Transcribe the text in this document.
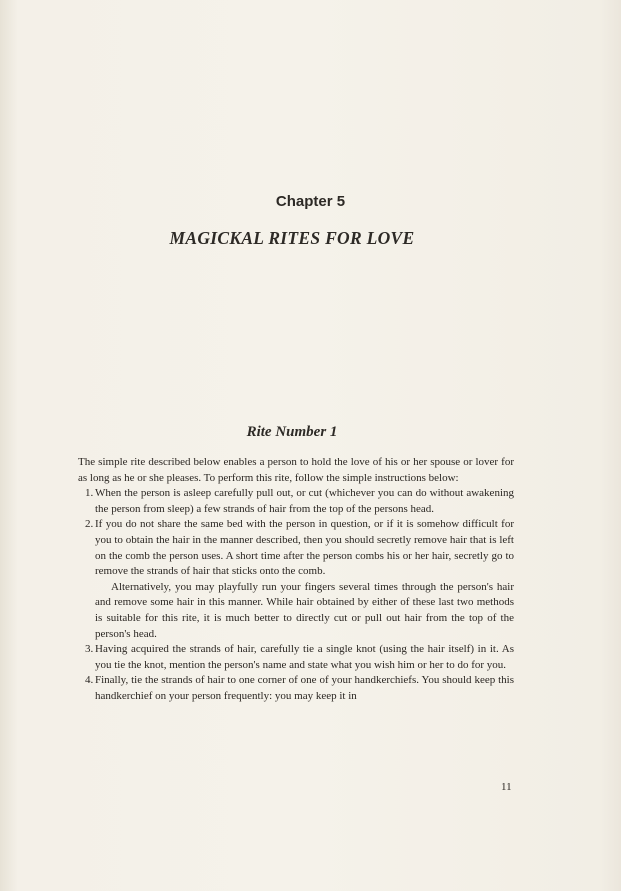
Chapter 5
MAGICKAL RITES FOR LOVE
Rite Number 1

The simple rite described below enables a person to hold the love of his or her spouse or lover for as long as he or she pleases. To perform this rite, follow the simple instructions below:

1. When the person is asleep carefully pull out, or cut (whichever you can do without awakening the person from sleep) a few strands of hair from the top of the persons head.

2. If you do not share the same bed with the person in question, or if it is somehow difficult for you to obtain the hair in the manner described, then you should secretly remove hair that is left on the comb the person uses. A short time after the person combs his or her hair, secretly go to remove the strands of hair that sticks onto the comb.

Alternatively, you may playfully run your fingers several times through the person's hair and remove some hair in this manner. While hair obtained by either of these last two methods is suitable for this rite, it is much better to directly cut or pull out hair from the top of the person's head.

3. Having acquired the strands of hair, carefully tie a single knot (using the hair itself) in it. As you tie the knot, mention the person's name and state what you wish him or her to do for you.

4. Finally, tie the strands of hair to one corner of one of your handkerchiefs. You should keep this handkerchief on your person frequently: you may keep it in

11
